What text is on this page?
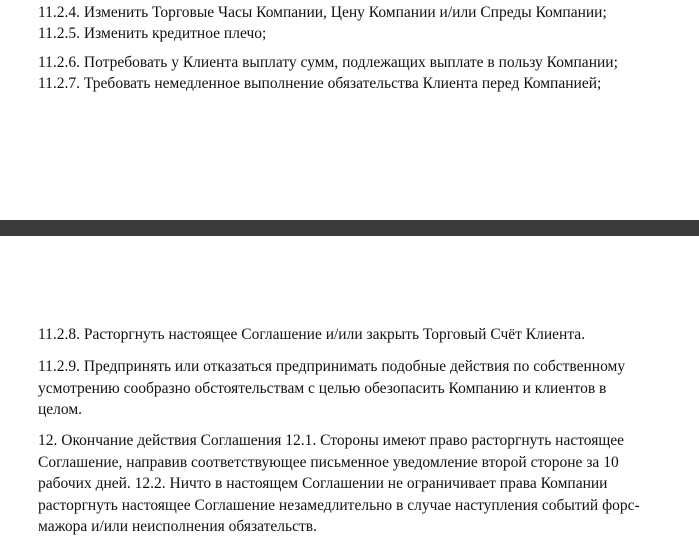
11.2.4. Изменить Торговые Часы Компании, Цену Компании и/или Спреды Компании;
11.2.5. Изменить кредитное плечо;
11.2.6. Потребовать у Клиента выплату сумм, подлежащих выплате в пользу Компании;
11.2.7. Требовать немедленное выполнение обязательства Клиента перед Компанией;
11.2.8. Расторгнуть настоящее Соглашение и/или закрыть Торговый Счёт Клиента.
11.2.9. Предпринять или отказаться предпринимать подобные действия по собственному
усмотрению сообразно обстоятельствам с целью обезопасить Компанию и клиентов в
целом.
12. Окончание действия Соглашения 12.1. Стороны имеют право расторгнуть настоящее
Соглашение, направив соответствующее письменное уведомление второй стороне за 10
рабочих дней. 12.2. Ничто в настоящем Соглашении не ограничивает права Компании
расторгнуть настоящее Соглашение незамедлительно в случае наступления событий форс-
мажора и/или неисполнения обязательств.
